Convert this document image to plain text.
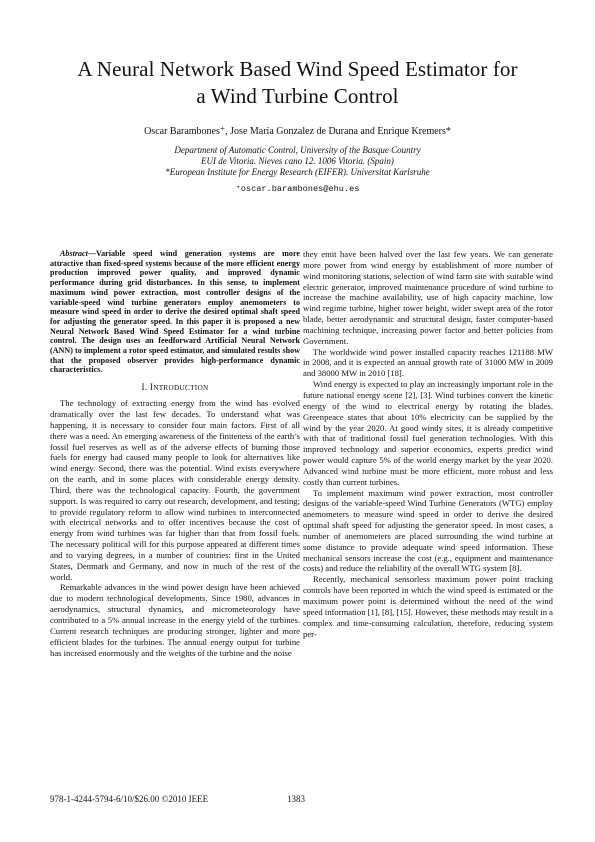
A Neural Network Based Wind Speed Estimator for
a Wind Turbine Control
Oscar Barambones⁺, Jose Maria Gonzalez de Durana and Enrique Kremers*
Department of Automatic Control, University of the Basque Country
EUI de Vitoria. Nieves cano 12. 1006 Vitoria. (Spain)
*European Institute for Energy Research (EIFER). Universitat Karlsruhe
⁺oscar.barambones@ehu.es
Abstract—Variable speed wind generation systems are more attractive than fixed-speed systems because of the more efficient energy production improved power quality, and improved dynamic performance during grid disturbances. In this sense, to implement maximum wind power extraction, most controller designs of the variable-speed wind turbine generators employ anemometers to measure wind speed in order to derive the desired optimal shaft speed for adjusting the generator speed. In this paper it is proposed a new Neural Network Based Wind Speed Estimator for a wind turbine control. The design uses an feedforward Artificial Neural Network (ANN) to implement a rotor speed estimator, and simulated results show that the proposed observer provides high-performance dynamic characteristics.
I. INTRODUCTION

The technology of extracting energy from the wind has evolved dramatically over the last few decades. To understand what was happening, it is necessary to consider four main factors. First of all there was a need. An emerging awareness of the finiteness of the earth’s fossil fuel reserves as well as of the adverse effects of burning those fuels for energy had caused many people to look for alternatives like wind energy. Second, there was the potential. Wind exists everywhere on the earth, and in some places with considerable energy density. Third, there was the technological capacity. Fourth, the government support. Is was required to carry out research, development, and testing; to provide regulatory reform to allow wind turbines to interconnected with electrical networks and to offer incentives because the cost of energy from wind turbines was far higher than that from fossil fuels. The necessary political will for this purpose appeared at different times and to varying degrees, in a number of countries: first in the United States, Denmark and Germany, and now in much of the rest of the world.

Remarkable advances in the wind power design have been achieved due to modern technological developments. Since 1980, advances in aerodynamics, structural dynamics, and micrometeorology have contributed to a 5% annual increase in the energy yield of the turbines. Current research techniques are producing stronger, lighter and more efficient blades for the turbines. The annual energy output for turbine has increased enormously and the weights of the turbine and the noise

they emit have been halved over the last few years. We can generate more power from wind energy by establishment of more number of wind monitoring stations, selection of wind farm site with suitable wind electric generator, improved maintenance procedure of wind turbine to increase the machine availability, use of high capacity machine, low wind regime turbine, higher tower height, wider swept area of the rotor blade, better aerodynamic and structural design, faster computer-based machining technique, increasing power factor and better policies from Government.

The worldwide wind power installed capacity reaches 121188 MW in 2008, and it is expected an annual growth rate of 31000 MW in 2009 and 38000 MW in 2010 [18].

Wind energy is expected to play an increasingly important role in the future national energy scene [2], [3]. Wind turbines convert the kinetic energy of the wind to electrical energy by rotating the blades. Greenpeace states that about 10% electricity can be supplied by the wind by the year 2020. At good windy sites, it is already competitive with that of traditional fossil fuel generation technologies. With this improved technology and superior economics, experts predict wind power would capture 5% of the world energy market by the year 2020. Advanced wind turbine must be more efficient, more robust and less costly than current turbines.

To implement maximum wind power extraction, most controller designs of the variable-speed Wind Turbine Generators (WTG) employ anemometers to measure wind speed in order to derive the desired optimal shaft speed for adjusting the generator speed. In most cases, a number of anemometers are placed surrounding the wind turbine at some distance to provide adequate wind speed information. These mechanical sensors increase the cost (e.g., equipment and maintenance costs) and reduce the reliability of the overall WTG system [8].

Recently, mechanical sensorless maximum power point tracking controls have been reported in which the wind speed is estimated or the maximum power point is determined without the need of the wind speed information [1], [8], [15]. However, these methods may result in a complex and time-consuming calculation, therefore, reducing system per-

978-1-4244-5794-6/10/$26.00 ©2010 IEEE	1383
